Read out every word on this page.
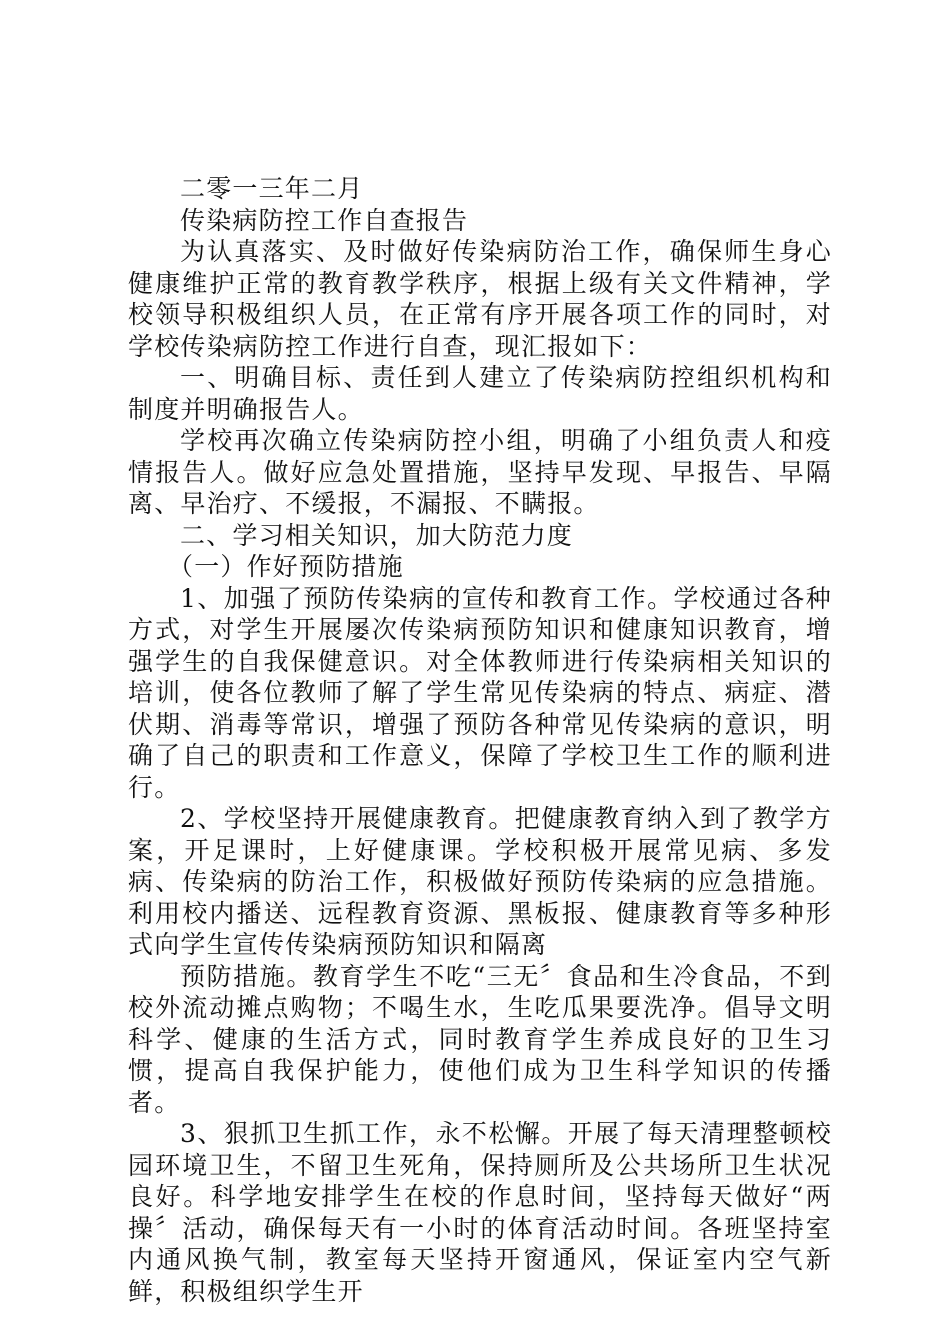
二零一三年二月

传染病防控工作自查报告

为认真落实、及时做好传染病防治工作，确保师生身心健康维护正常的教育教学秩序，根据上级有关文件精神，学校领导积极组织人员，在正常有序开展各项工作的同时，对学校传染病防控工作进行自查，现汇报如下：

一、明确目标、责任到人建立了传染病防控组织机构和制度并明确报告人。

学校再次确立传染病防控小组，明确了小组负责人和疫情报告人。做好应急处置措施，坚持早发现、早报告、早隔离、早治疗、不缓报，不漏报、不瞒报。

二、学习相关知识，加大防范力度

（一）作好预防措施

1、加强了预防传染病的宣传和教育工作。学校通过各种方式，对学生开展屡次传染病预防知识和健康知识教育，增强学生的自我保健意识。对全体教师进行传染病相关知识的培训，使各位教师了解了学生常见传染病的特点、病症、潜伏期、消毒等常识，增强了预防各种常见传染病的意识，明确了自己的职责和工作意义，保障了学校卫生工作的顺利进行。

2、学校坚持开展健康教育。把健康教育纳入到了教学方案，开足课时，上好健康课。学校积极开展常见病、多发病、传染病的防治工作，积极做好预防传染病的应急措施。利用校内播送、远程教育资源、黑板报、健康教育等多种形式向学生宣传传染病预防知识和隔离

预防措施。教育学生不吃“三无〞食品和生冷食品，不到校外流动摊点购物；不喝生水，生吃瓜果要洗净。倡导文明科学、健康的生活方式，同时教育学生养成良好的卫生习惯，提高自我保护能力，使他们成为卫生科学知识的传播者。

3、狠抓卫生抓工作，永不松懈。开展了每天清理整顿校园环境卫生，不留卫生死角，保持厕所及公共场所卫生状况良好。科学地安排学生在校的作息时间，坚持每天做好“两操〞活动，确保每天有一小时的体育活动时间。各班坚持室内通风换气制，教室每天坚持开窗通风，保证室内空气新鲜，积极组织学生开
